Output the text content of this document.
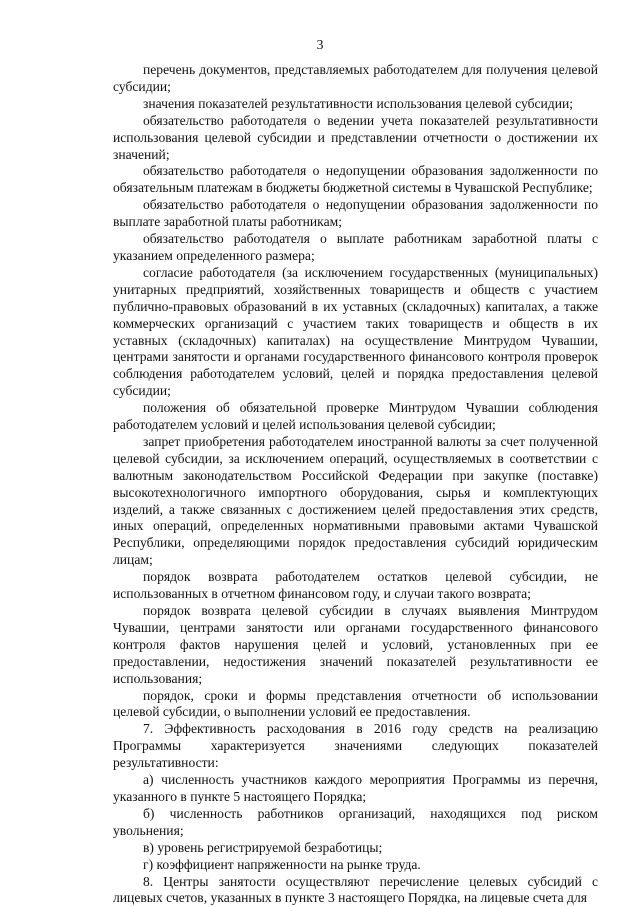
3

перечень документов, представляемых работодателем для получения целевой субсидии;

значения показателей результативности использования целевой субсидии;

обязательство работодателя о ведении учета показателей результативности использования целевой субсидии и представлении отчетности о достижении их значений;

обязательство работодателя о недопущении образования задолженности по обязательным платежам в бюджеты бюджетной системы в Чувашской Республике;

обязательство работодателя о недопущении образования задолженности по выплате заработной платы работникам;

обязательство работодателя о выплате работникам заработной платы с указанием определенного размера;

согласие работодателя (за исключением государственных (муниципальных) унитарных предприятий, хозяйственных товариществ и обществ с участием публично-правовых образований в их уставных (складочных) капиталах, а также коммерческих организаций с участием таких товариществ и обществ в их уставных (складочных) капиталах) на осуществление Минтрудом Чувашии, центрами занятости и органами государственного финансового контроля проверок соблюдения работодателем условий, целей и порядка предоставления целевой субсидии;

положения об обязательной проверке Минтрудом Чувашии соблюдения работодателем условий и целей использования целевой субсидии;

запрет приобретения работодателем иностранной валюты за счет полученной целевой субсидии, за исключением операций, осуществляемых в соответствии с валютным законодательством Российской Федерации при закупке (поставке) высокотехнологичного импортного оборудования, сырья и комплектующих изделий, а также связанных с достижением целей предоставления этих средств, иных операций, определенных нормативными правовыми актами Чувашской Республики, определяющими порядок предоставления субсидий юридическим лицам;

порядок возврата работодателем остатков целевой субсидии, не использованных в отчетном финансовом году, и случаи такого возврата;

порядок возврата целевой субсидии в случаях выявления Минтрудом Чувашии, центрами занятости или органами государственного финансового контроля фактов нарушения целей и условий, установленных при ее предоставлении, недостижения значений показателей результативности ее использования;

порядок, сроки и формы представления отчетности об использовании целевой субсидии, о выполнении условий ее предоставления.

7. Эффективность расходования в 2016 году средств на реализацию Программы характеризуется значениями следующих показателей результативности:

а) численность участников каждого мероприятия Программы из перечня, указанного в пункте 5 настоящего Порядка;

б) численность работников организаций, находящихся под риском увольнения;

в) уровень регистрируемой безработицы;

г) коэффициент напряженности на рынке труда.

8. Центры занятости осуществляют перечисление целевых субсидий с лицевых счетов, указанных в пункте 3 настоящего Порядка, на лицевые счета для
